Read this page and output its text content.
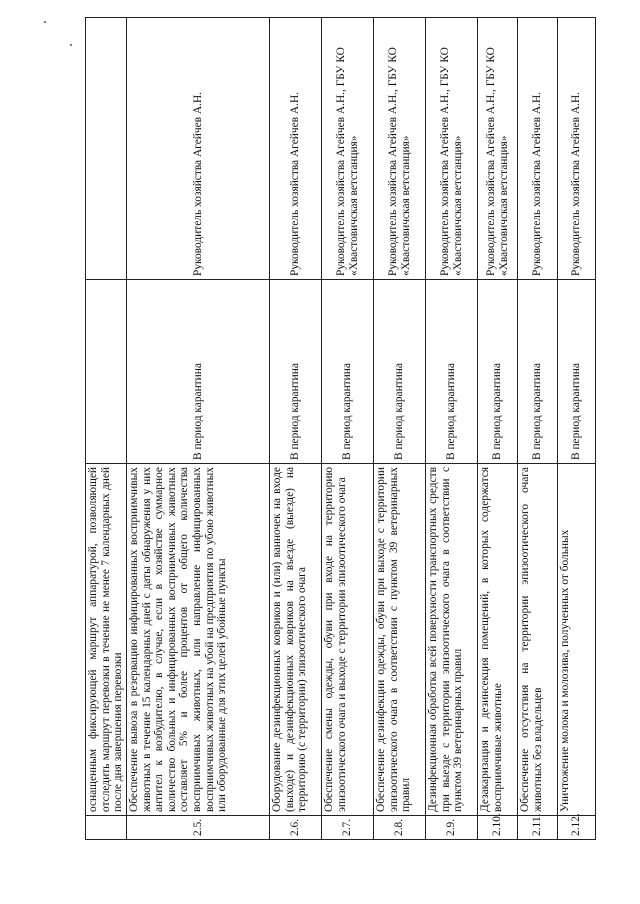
	оснащенным фиксирующей маршрут аппаратурой, позволяющей отследить маршрут перевозки в течение не менее 7 календарных дней после дня завершения перевозки		
2.5.	Обеспечение вывоза в резервацию инфицированных восприимчивых животных в течение 15 календарных дней с даты обнаружения у них антител к возбудителю, в случае, если в хозяйстве суммарное количество больных и инфицированных восприимчивых животных составляет 5% и более процентов от общего количества восприимчивых животных, или направление инфицированных восприимчивых животных на убой на предприятия по убою животных или оборудованные для этих целей убойные пункты	В период карантина	Руководитель хозяйства Агейчев А.Н.
2.6.	Оборудование дезинфекционных ковриков и (или) ванночек на входе (выходе) и дезинфекционных ковриков на въезде (выезде) на территорию (с территории) эпизоотического очага	В период карантина	Руководитель хозяйства Агейчев А.Н.
2.7.	Обеспечение смены одежды, обуви при входе на территорию эпизоотического очага и выходе с территории эпизоотического очага	В период карантина	Руководитель хозяйства Агейчев А.Н., ГБУ КО «Хвастовичская ветстанция»
2.8.	Обеспечение дезинфекции одежды, обуви при выходе с территории эпизоотического очага в соответствии с пунктом 39 ветеринарных правил	В период карантина	Руководитель хозяйства Агейчев А.Н., ГБУ КО «Хвастовичская ветстанция»
2.9.	Дезинфекционная обработка всей поверхности транспортных средств при выезде с территории эпизоотического очага в соответствии с пунктом 39 ветеринарных правил	В период карантина	Руководитель хозяйства Агейчев А.Н., ГБУ КО «Хвастовичская ветстанция»
2.10.	Дезакаризация и дезинсекция помещений, в которых содержатся восприимчивые животные	В период карантина	Руководитель хозяйства Агейчев А.Н., ГБУ КО «Хвастовичская ветстанция»
2.11.	Обеспечение отсутствия на территории эпизоотического очага животных без владельцев	В период карантина	Руководитель хозяйства Агейчев А.Н.
2.12.	Уничтожение молока и молозива, полученных от больных	В период карантина	Руководитель хозяйства Агейчев А.Н.
